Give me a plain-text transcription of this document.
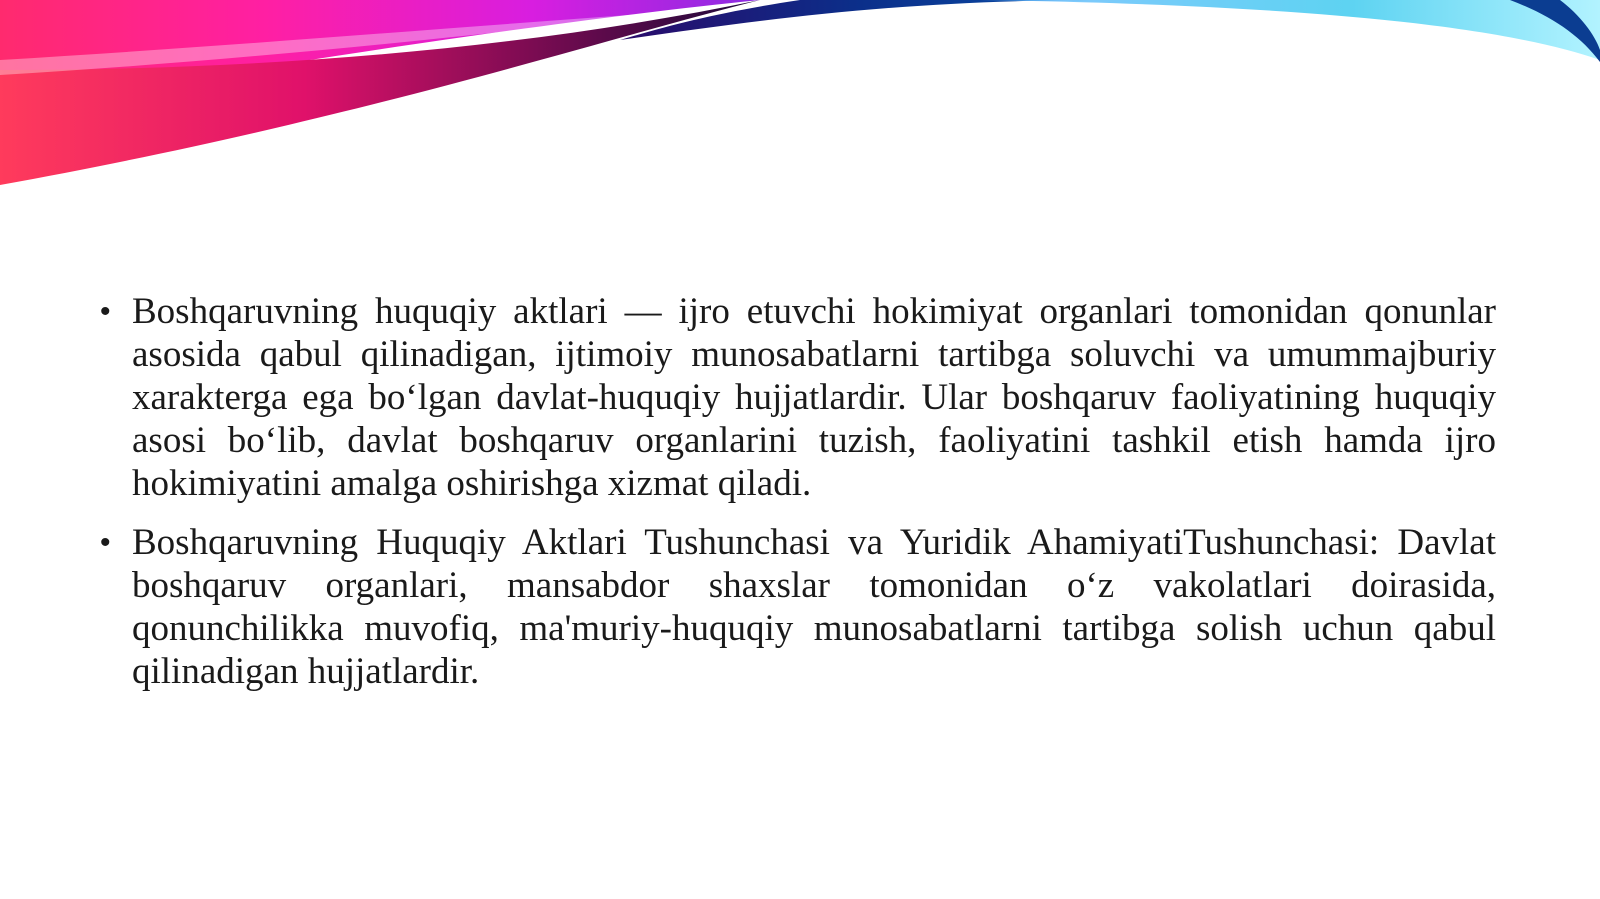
• Boshqaruvning huquqiy aktlari — ijro etuvchi hokimiyat organlari tomonidan qonunlar asosida qabul qilinadigan, ijtimoiy munosabatlarni tartibga soluvchi va umummajburiy xarakterga ega bo‘lgan davlat-huquqiy hujjatlardir. Ular boshqaruv faoliyatining huquqiy asosi bo‘lib, davlat boshqaruv organlarini tuzish, faoliyatini tashkil etish hamda ijro hokimiyatini amalga oshirishga xizmat qiladi.
• Boshqaruvning Huquqiy Aktlari Tushunchasi va Yuridik AhamiyatiTushunchasi: Davlat boshqaruv organlari, mansabdor shaxslar tomonidan o‘z vakolatlari doirasida, qonunchilikka muvofiq, ma'muriy-huquqiy munosabatlarni tartibga solish uchun qabul qilinadigan hujjatlardir.
